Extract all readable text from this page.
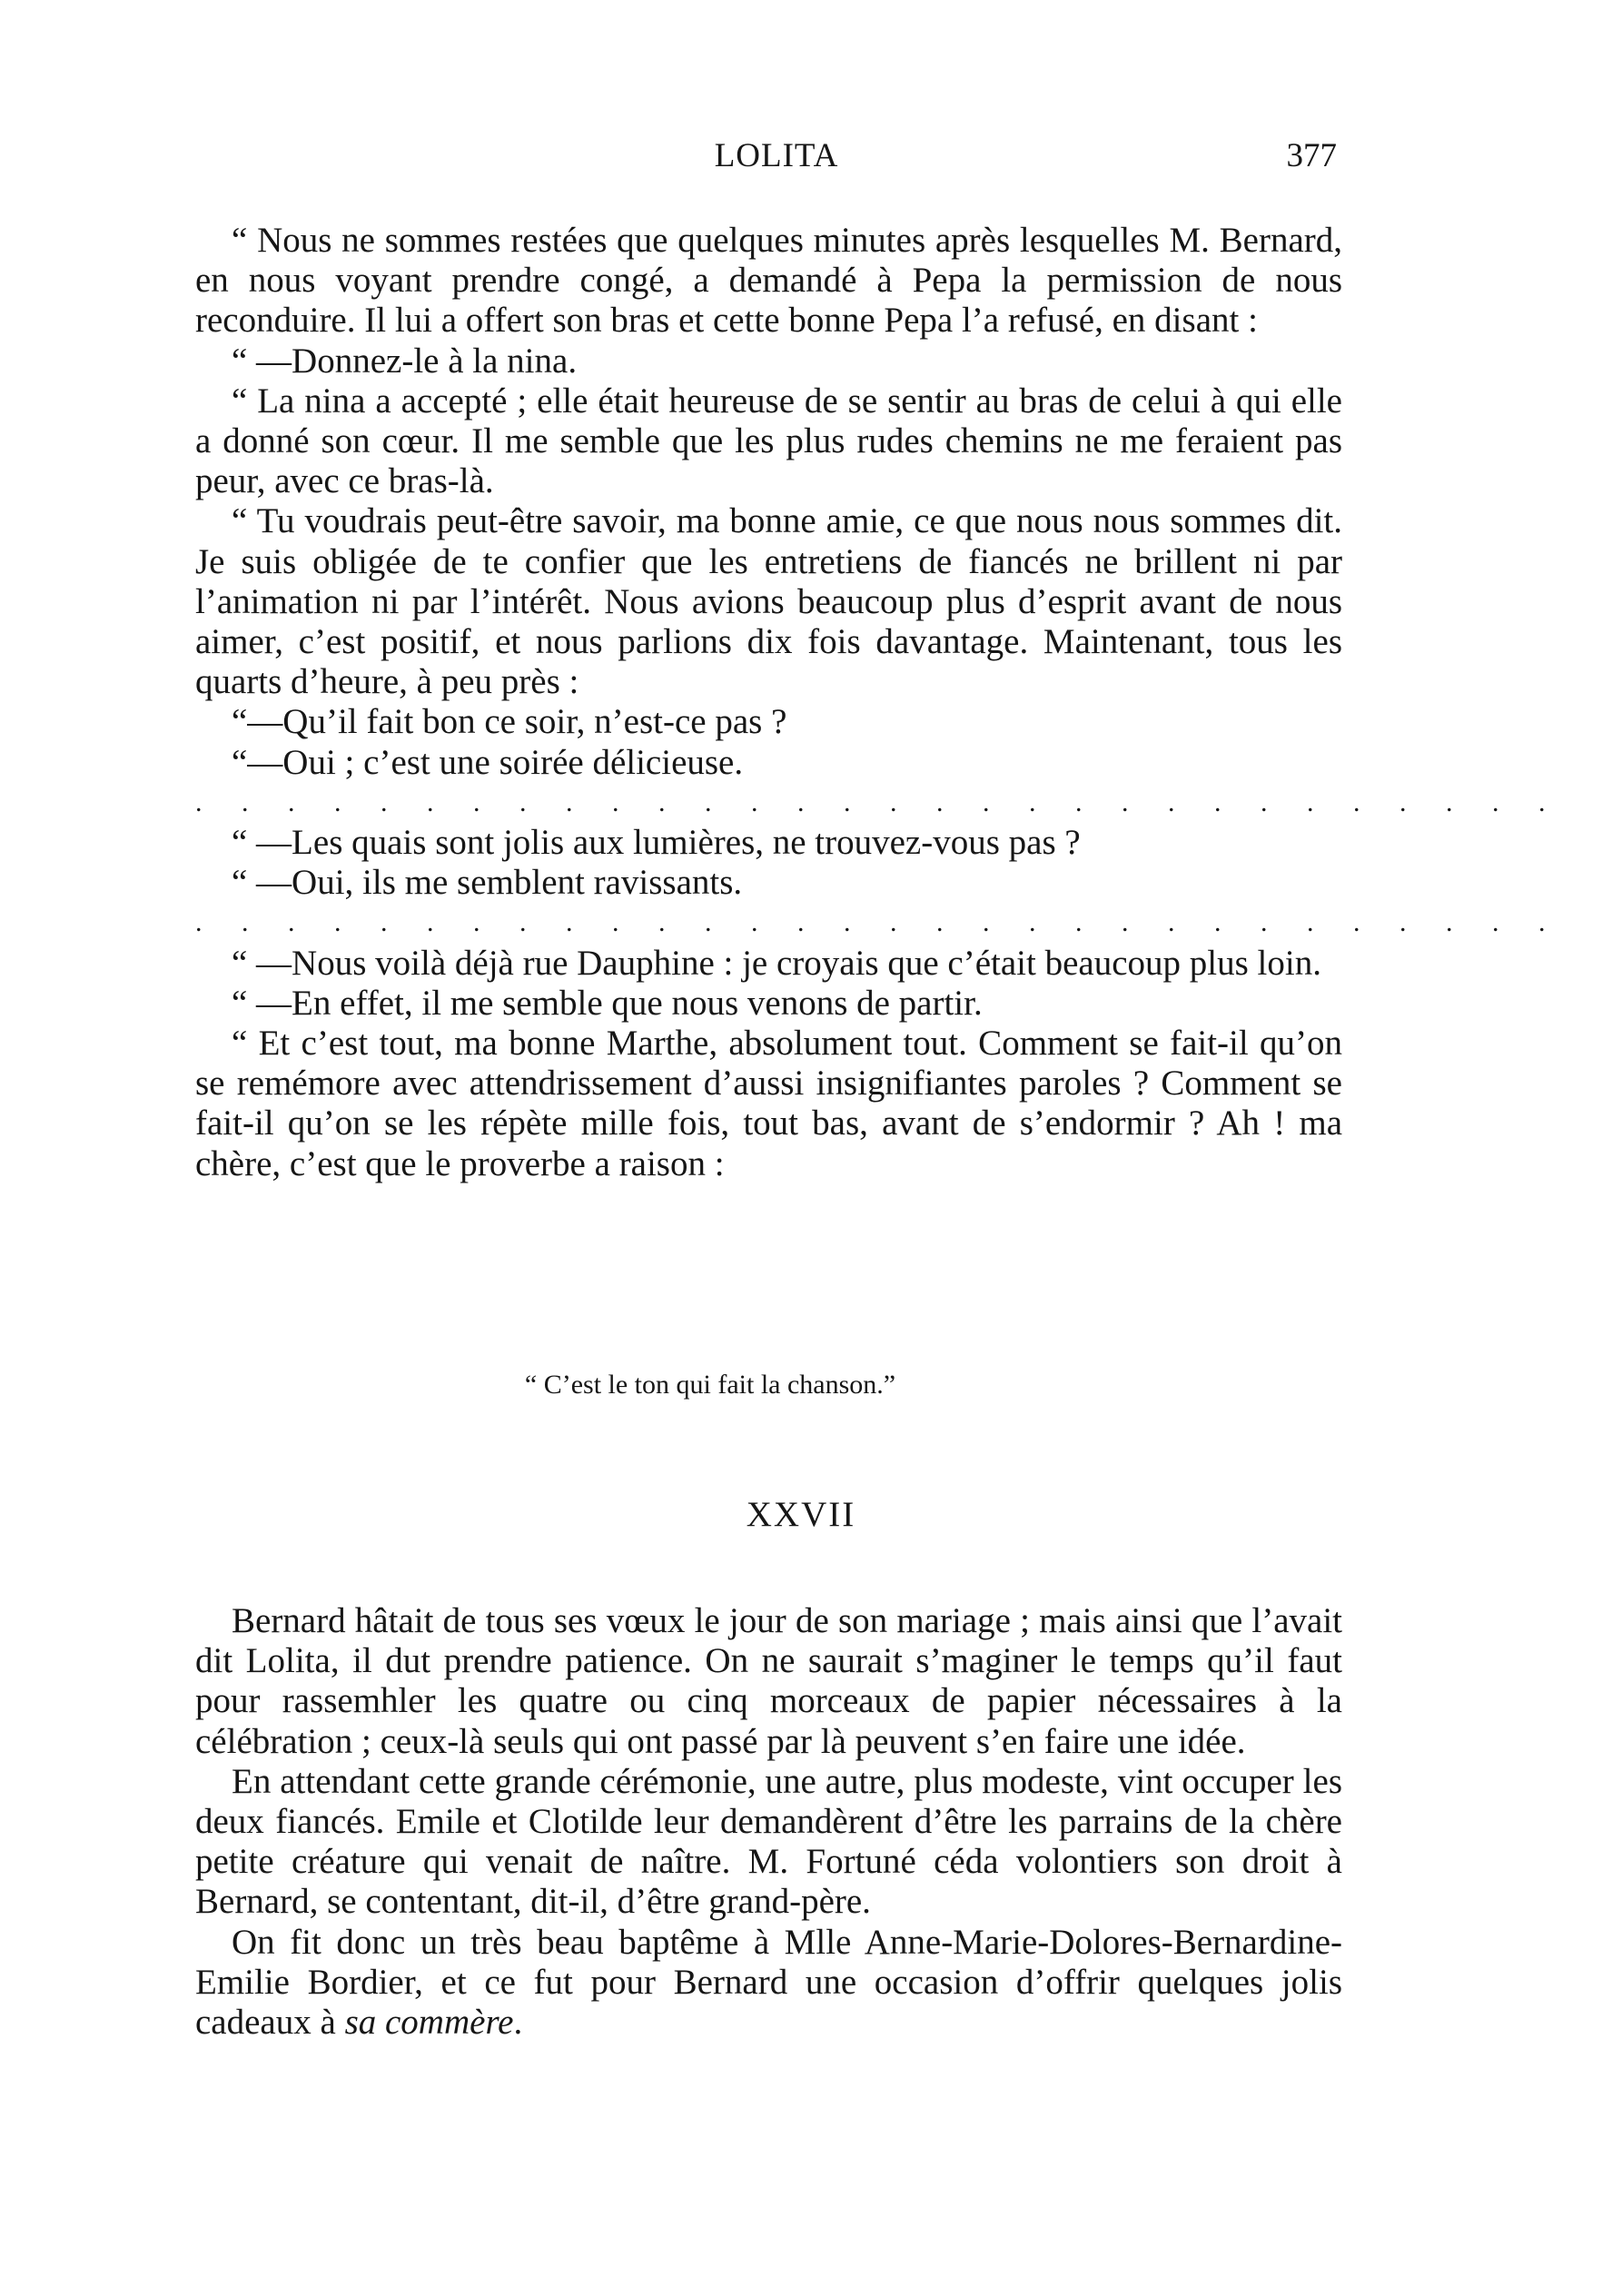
LOLITA	377

“ Nous ne sommes restées que quelques minutes après lesquelles M. Bernard, en nous voyant prendre congé, a demandé à Pepa la permission de nous reconduire. Il lui a offert son bras et cette bonne Pepa l’a refusé, en disant :

“ —Donnez-le à la nina.

“ La nina a accepté ; elle était heureuse de se sentir au bras de celui à qui elle a donné son cœur. Il me semble que les plus rudes chemins ne me feraient pas peur, avec ce bras-là.

“ Tu voudrais peut-être savoir, ma bonne amie, ce que nous nous sommes dit. Je suis obligée de te confier que les entretiens de fiancés ne brillent ni par l’animation ni par l’intérêt. Nous avions beaucoup plus d’esprit avant de nous aimer, c’est positif, et nous parlions dix fois davantage. Maintenant, tous les quarts d’heure, à peu près :

“—Qu’il fait bon ce soir, n’est-ce pas ?

“—Oui ; c’est une soirée délicieuse.

. . . . . . . . . . . . . . . . . . . . . . . . . . . . . .

“ —Les quais sont jolis aux lumières, ne trouvez-vous pas ?

“ —Oui, ils me semblent ravissants.

. . . . . . . . . . . . . . . . . . . . . . . . . . . . . .

“ —Nous voilà déjà rue Dauphine : je croyais que c’était beaucoup plus loin.

“ —En effet, il me semble que nous venons de partir.

“ Et c’est tout, ma bonne Marthe, absolument tout. Comment se fait-il qu’on se remémore avec attendrissement d’aussi insignifiantes paroles ? Comment se fait-il qu’on se les répète mille fois, tout bas, avant de s’endormir ? Ah ! ma chère, c’est que le proverbe a raison :

“ C’est le ton qui fait la chanson.”
XXVII

Bernard hâtait de tous ses vœux le jour de son mariage ; mais ainsi que l’avait dit Lolita, il dut prendre patience. On ne saurait s’maginer le temps qu’il faut pour rassemhler les quatre ou cinq morceaux de papier nécessaires à la célébration ; ceux-là seuls qui ont passé par là peuvent s’en faire une idée.

En attendant cette grande cérémonie, une autre, plus modeste, vint occuper les deux fiancés. Emile et Clotilde leur demandèrent d’être les parrains de la chère petite créature qui venait de naître. M. Fortuné céda volontiers son droit à Bernard, se contentant, dit-il, d’être grand-père.

On fit donc un très beau baptême à Mlle Anne-Marie-Dolores-Bernardine-Emilie Bordier, et ce fut pour Bernard une occasion d’offrir quelques jolis cadeaux à sa commère.
